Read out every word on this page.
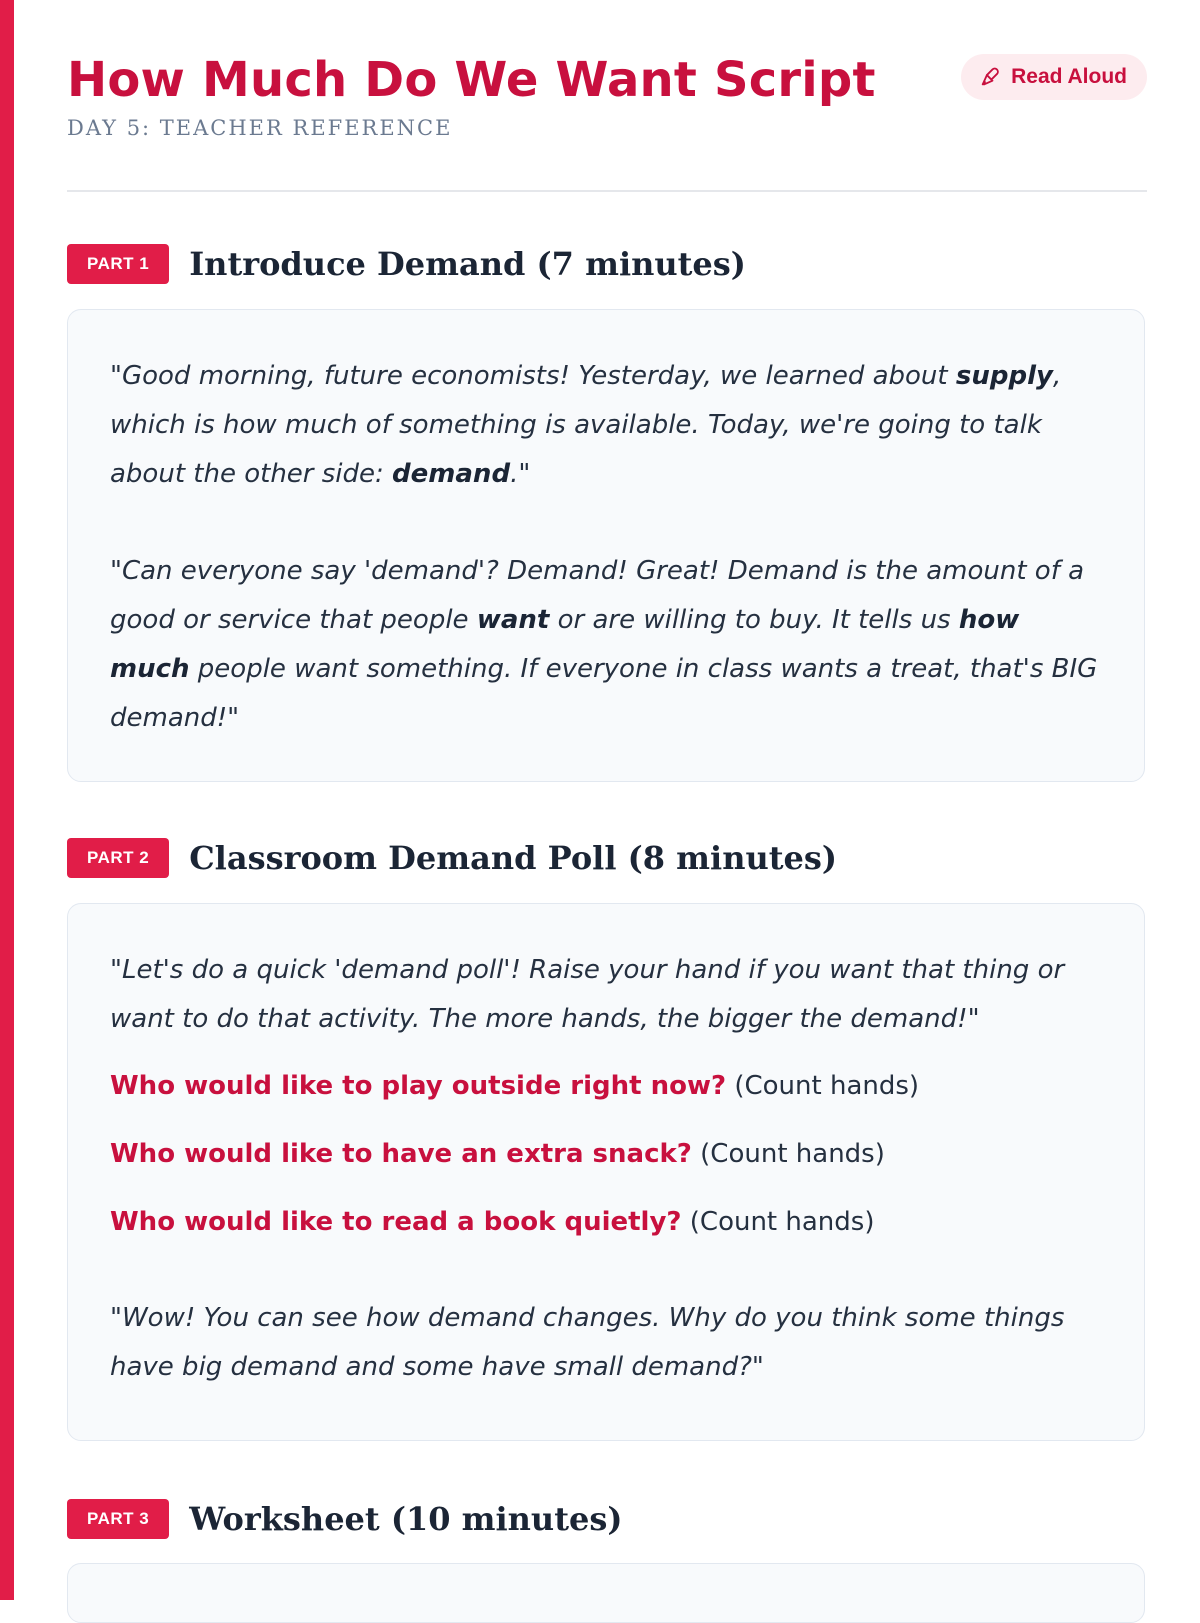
How Much Do We Want Script
DAY 5: TEACHER REFERENCE
Read Aloud
PART 1	Introduce Demand (7 minutes)

"Good morning, future economists! Yesterday, we learned about supply, which is how much of something is available. Today, we're going to talk about the other side: demand."

"Can everyone say 'demand'? Demand! Great! Demand is the amount of a good or service that people want or are willing to buy. It tells us how much people want something. If everyone in class wants a treat, that's BIG demand!"

PART 2	Classroom Demand Poll (8 minutes)

"Let's do a quick 'demand poll'! Raise your hand if you want that thing or want to do that activity. The more hands, the bigger the demand!"

Who would like to play outside right now? (Count hands)

Who would like to have an extra snack? (Count hands)

Who would like to read a book quietly? (Count hands)

"Wow! You can see how demand changes. Why do you think some things have big demand and some have small demand?"

PART 3	Worksheet (10 minutes)
